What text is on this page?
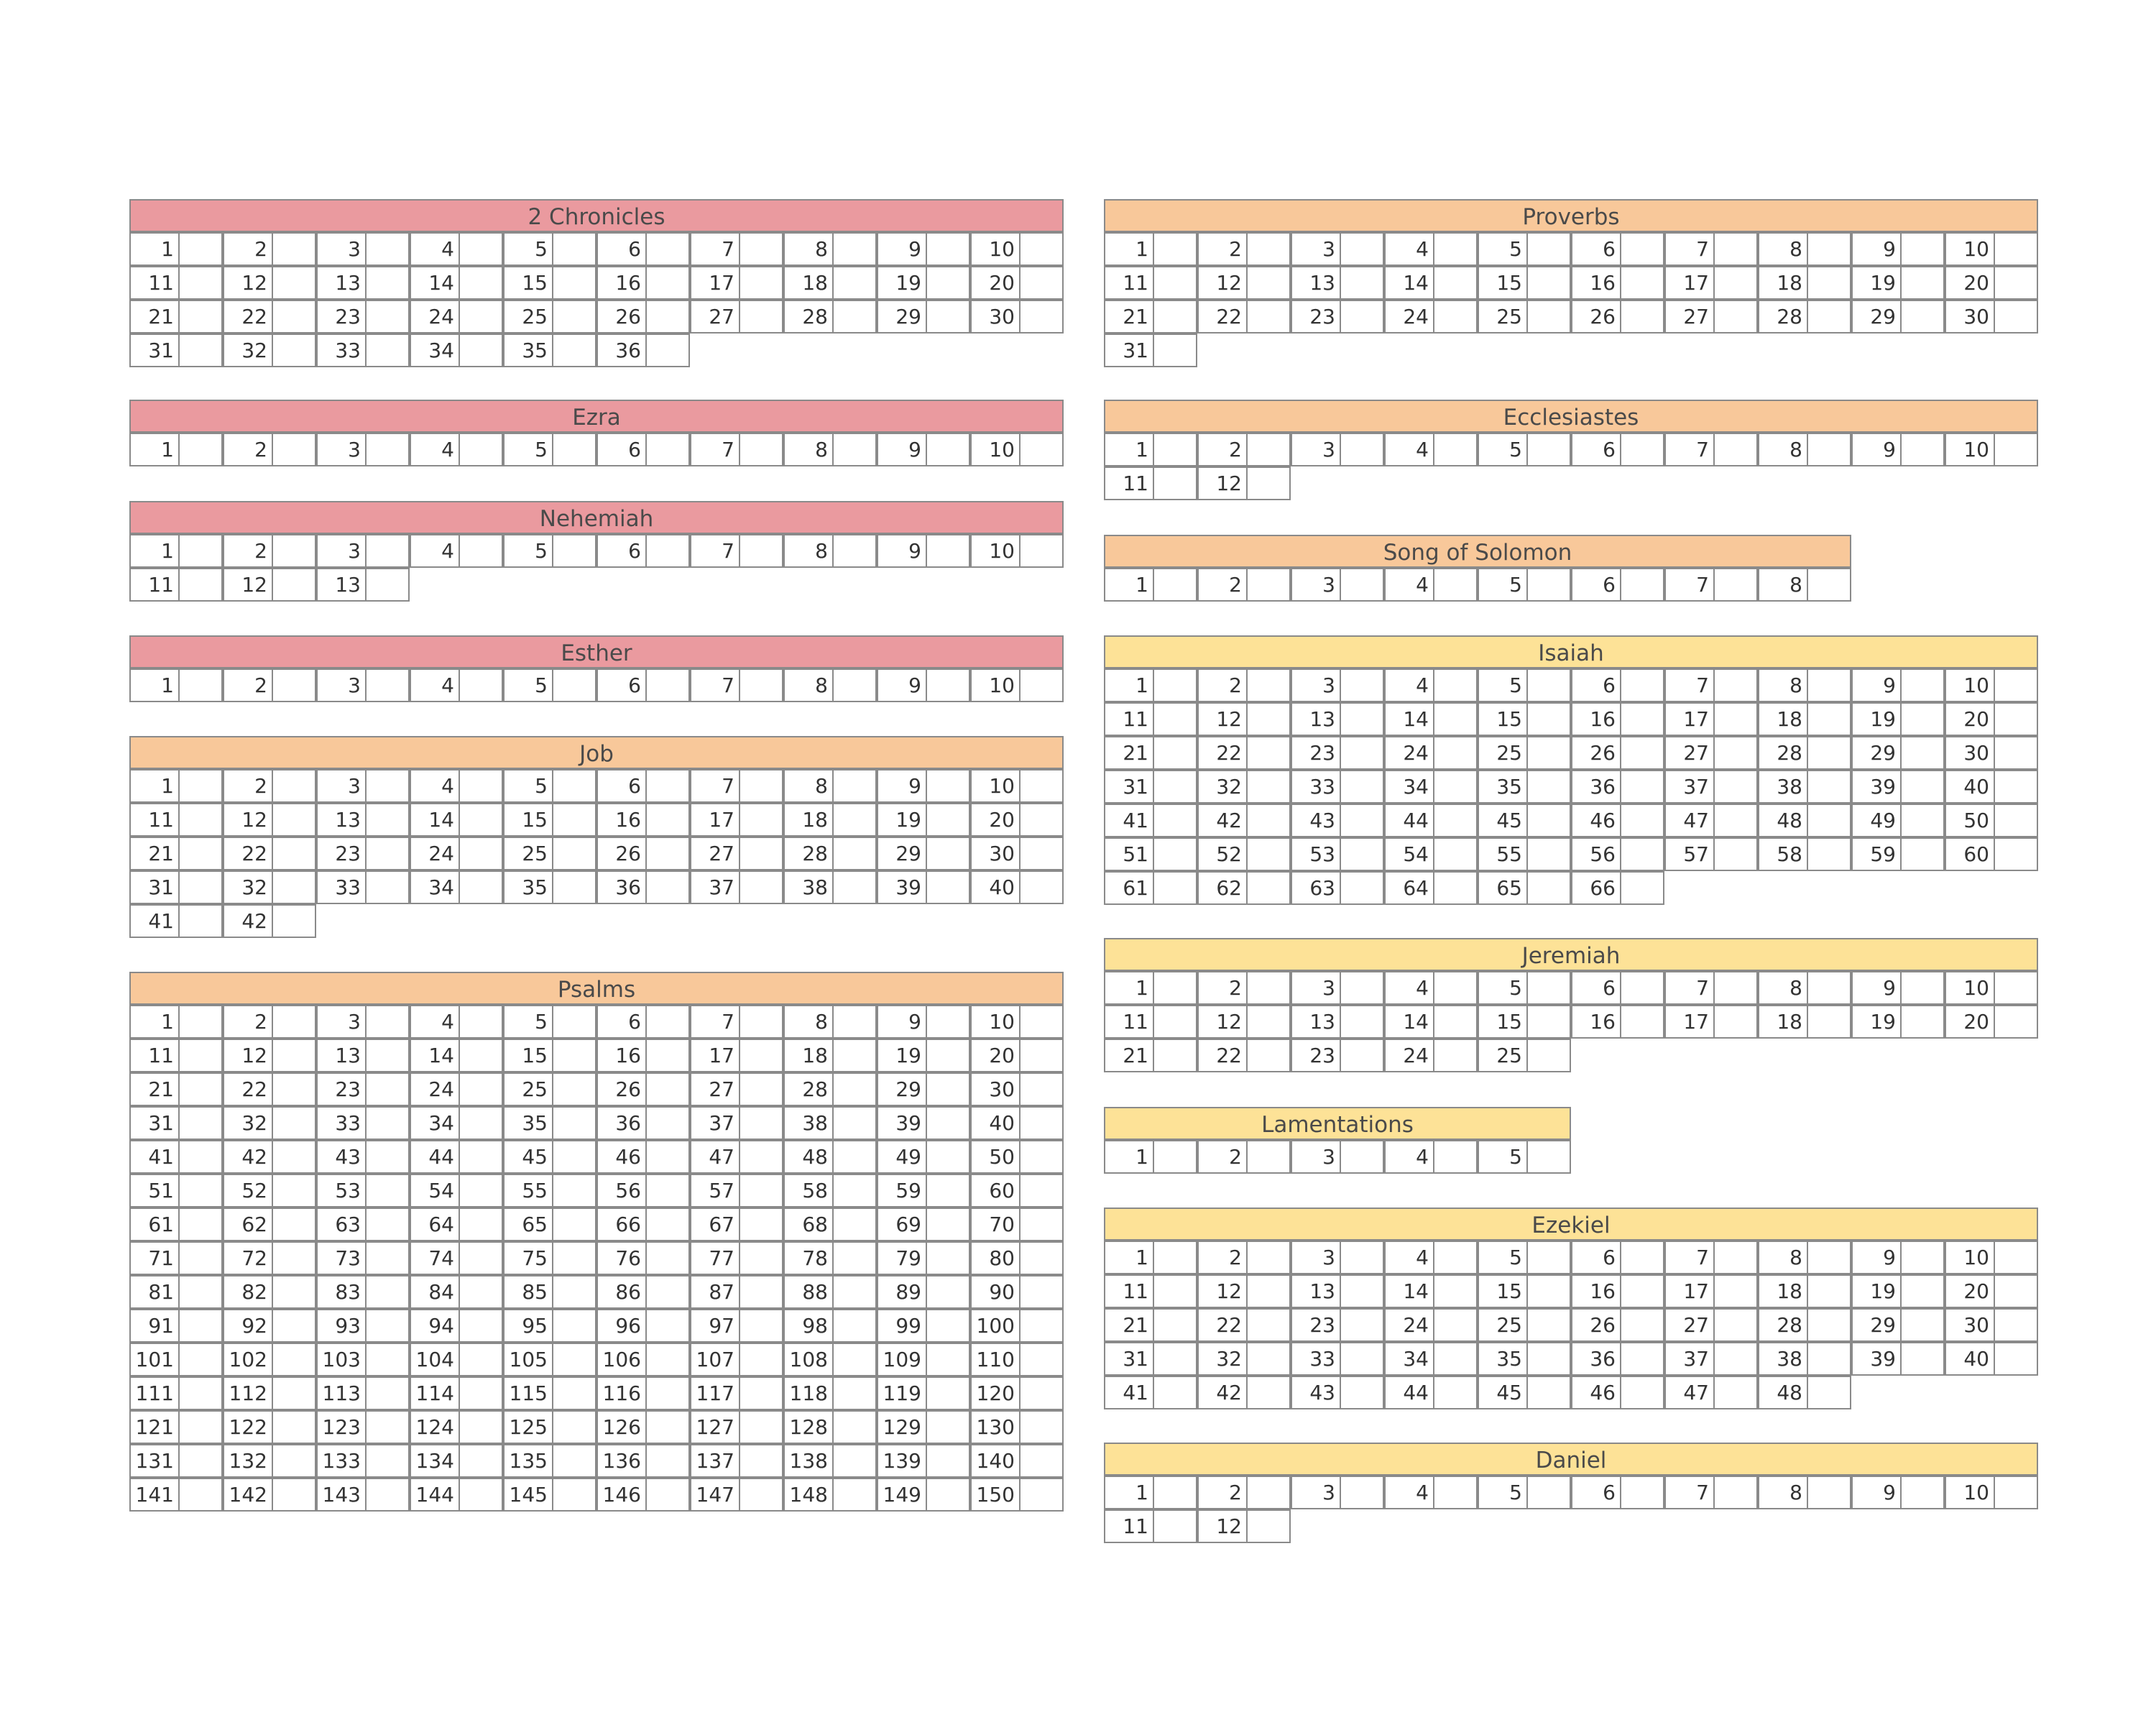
2 Chronicles
1	2	3	4	5	6	7	8	9	10
11	12	13	14	15	16	17	18	19	20
21	22	23	24	25	26	27	28	29	30
31	32	33	34	35	36
Ezra
1	2	3	4	5	6	7	8	9	10
Nehemiah
1	2	3	4	5	6	7	8	9	10
11	12	13
Esther
1	2	3	4	5	6	7	8	9	10
Job
1	2	3	4	5	6	7	8	9	10
11	12	13	14	15	16	17	18	19	20
21	22	23	24	25	26	27	28	29	30
31	32	33	34	35	36	37	38	39	40
41	42
Psalms
1	2	3	4	5	6	7	8	9	10
11	12	13	14	15	16	17	18	19	20
21	22	23	24	25	26	27	28	29	30
31	32	33	34	35	36	37	38	39	40
41	42	43	44	45	46	47	48	49	50
51	52	53	54	55	56	57	58	59	60
61	62	63	64	65	66	67	68	69	70
71	72	73	74	75	76	77	78	79	80
81	82	83	84	85	86	87	88	89	90
91	92	93	94	95	96	97	98	99	100
101	102	103	104	105	106	107	108	109	110
111	112	113	114	115	116	117	118	119	120
121	122	123	124	125	126	127	128	129	130
131	132	133	134	135	136	137	138	139	140
141	142	143	144	145	146	147	148	149	150
Proverbs
1	2	3	4	5	6	7	8	9	10
11	12	13	14	15	16	17	18	19	20
21	22	23	24	25	26	27	28	29	30
31
Ecclesiastes
1	2	3	4	5	6	7	8	9	10
11	12
Song of Solomon
1	2	3	4	5	6	7	8
Isaiah
1	2	3	4	5	6	7	8	9	10
11	12	13	14	15	16	17	18	19	20
21	22	23	24	25	26	27	28	29	30
31	32	33	34	35	36	37	38	39	40
41	42	43	44	45	46	47	48	49	50
51	52	53	54	55	56	57	58	59	60
61	62	63	64	65	66
Jeremiah
1	2	3	4	5	6	7	8	9	10
11	12	13	14	15	16	17	18	19	20
21	22	23	24	25
Lamentations
1	2	3	4	5
Ezekiel
1	2	3	4	5	6	7	8	9	10
11	12	13	14	15	16	17	18	19	20
21	22	23	24	25	26	27	28	29	30
31	32	33	34	35	36	37	38	39	40
41	42	43	44	45	46	47	48
Daniel
1	2	3	4	5	6	7	8	9	10
11	12
